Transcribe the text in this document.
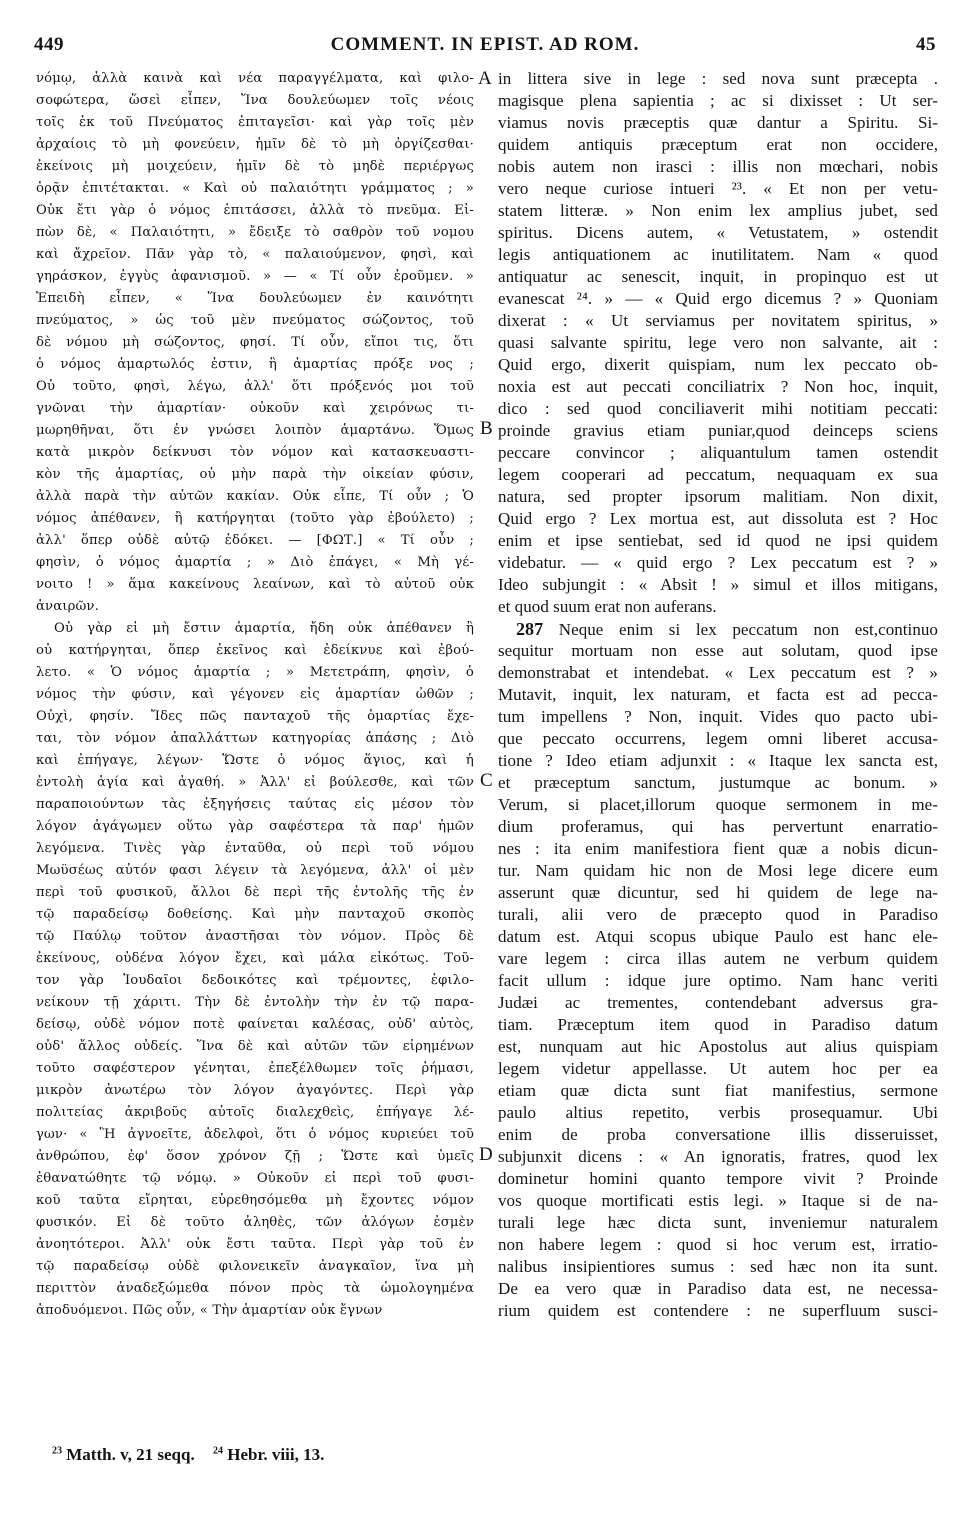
449	COMMENT. IN EPIST. AD ROM.	45
νόμῳ, ἀλλὰ καινὰ καὶ νέα παραγγέλματα, καὶ φιλο-
σοφώτερα, ὥσεὶ εἶπεν, Ἵνα δουλεύωμεν τοῖς νέοις
τοῖς ἐκ τοῦ Πνεύματος ἐπιταγεῖσι· καὶ γὰρ τοῖς μὲν
ἀρχαίοις τὸ μὴ φονεύειν, ἡμῖν δὲ τὸ μὴ ὀργίζεσθαι·
ἐκείνοις μὴ μοιχεύειν, ἡμῖν δὲ τὸ μηδὲ περιέργως
ὁρᾷν ἐπιτέτακται. « Καὶ οὐ παλαιότητι γράμματος ; »
Οὐκ ἔτι γὰρ ὁ νόμος ἐπιτάσσει, ἀλλὰ τὸ πνεῦμα. Εἰ-
πὼν δὲ, « Παλαιότητι, » ἔδειξε τὸ σαθρὸν τοῦ νομου
καὶ ἄχρεῖον. Πᾶν γὰρ τὸ, « παλαιούμενον, φησὶ, καὶ
γηράσκον, ἐγγὺς ἀφανισμοῦ. » — « Τί οὖν ἐροῦμεν. »
Ἐπειδὴ εἶπεν, « Ἵνα δουλεύωμεν ἐν καινότητι
πνεύματος, » ὡς τοῦ μὲν πνεύματος σώζοντος, τοῦ
δὲ νόμου μὴ σώζοντος, φησί. Τί οὖν, εἴποι τις, ὅτι
ὁ νόμος ἁμαρτωλός ἐστιν, ἢ ἁμαρτίας πρόξε νος ;
Οὐ τοῦτο, φησὶ, λέγω, ἀλλ' ὅτι πρόξενός μοι τοῦ
γνῶναι τὴν ἁμαρτίαν· οὐκοῦν καὶ χειρόνως τι-
μωρηθῆναι, ὅτι ἐν γνώσει λοιπὸν ἁμαρτάνω. Ὅμως
κατὰ μικρὸν δείκνυσι τὸν νόμον καὶ κατασκευαστι-
κὸν τῆς ἁμαρτίας, οὐ μὴν παρὰ τὴν οἰκείαν φύσιν,
ἀλλὰ παρὰ τὴν αὐτῶν κακίαν. Οὐκ εἶπε, Τί οὖν ; Ὁ
νόμος ἀπέθανεν, ἢ κατήργηται (τοῦτο γὰρ ἐβούλετο) ;
ἀλλ' ὅπερ οὐδὲ αὐτῷ ἐδόκει. — [ΦΩΤ.] « Τί οὖν ;
φησὶν, ὁ νόμος ἁμαρτία ; » Διὸ ἐπάγει, « Μὴ γέ-
νοιτο ! » ἅμα κακείνους λεαίνων, καὶ τὸ αὐτοῦ οὐκ
ἀναιρῶν.
Οὐ γὰρ εἰ μὴ ἔστιν ἁμαρτία, ἤδη οὐκ ἀπέθανεν ἢ
οὐ κατήργηται, ὅπερ ἐκεῖνος καὶ ἐδείκνυε καὶ ἐβού-
λετο. « Ὁ νόμος ἁμαρτία ; » Μετετράπη, φησὶν, ὁ
νόμος τὴν φύσιν, καὶ γέγονεν εἰς ἁμαρτίαν ὠθῶν ;
Οὐχὶ, φησίν. Ἴδες πῶς πανταχοῦ τῆς ὁμαρτίας ἔχε-
ται, τὸν νόμον ἀπαλλάττων κατηγορίας ἁπάσης ; Διὸ
καὶ ἐπήγαγε, λέγων· Ὥστε ὁ νόμος ἅγιος, καὶ ἡ
ἐντολὴ ἁγία καὶ ἀγαθή. » Ἀλλ' εἰ βούλεσθε, καὶ τῶν
παραποιούντων τὰς ἐξηγήσεις ταύτας εἰς μέσον τὸν
λόγον ἀγάγωμεν οὕτω γὰρ σαφέστερα τὰ παρ' ἡμῶν
λεγόμενα. Τινὲς γὰρ ἐνταῦθα, οὐ περὶ τοῦ νόμου
Μωϋσέως αὐτόν φασι λέγειν τὰ λεγόμενα, ἀλλ' οἱ μὲν
περὶ τοῦ φυσικοῦ, ἄλλοι δὲ περὶ τῆς ἐντολῆς τῆς ἐν
τῷ παραδείσῳ δοθείσης. Καὶ μὴν πανταχοῦ σκοπὸς
τῷ Παύλῳ τοῦτον ἀναστῆσαι τὸν νόμον. Πρὸς δὲ
ἐκείνους, οὐδένα λόγον ἔχει, καὶ μάλα εἰκότως. Τοῦ-
τον γὰρ Ἰουδαῖοι δεδοικότες καὶ τρέμοντες, ἐφιλο-
νείκουν τῇ χάριτι. Τὴν δὲ ἐντολὴν τὴν ἐν τῷ παρα-
δείσῳ, οὐδὲ νόμον ποτὲ φαίνεται καλέσας, οὐδ' αὐτὸς,
οὐδ' ἄλλος οὐδείς. Ἵνα δὲ καὶ αὐτῶν τῶν εἰρημένων
τοῦτο σαφέστερον γένηται, ἐπεξέλθωμεν τοῖς ῥήμασι,
μικρὸν ἀνωτέρω τὸν λόγον ἀγαγόντες. Περὶ γὰρ
πολιτείας ἀκριβοῦς αὐτοῖς διαλεχθεὶς, ἐπήγαγε λέ-
γων· « Ἢ ἀγνοεῖτε, ἀδελφοὶ, ὅτι ὁ νόμος κυριεύει τοῦ
ἀνθρώπου, ἐφ' ὅσον χρόνον ζῇ ; Ὥστε καὶ ὑμεῖς
ἐθανατώθητε τῷ νόμῳ. » Οὐκοῦν εἰ περὶ τοῦ φυσι-
κοῦ ταῦτα εἴρηται, εὑρεθησόμεθα μὴ ἔχοντες νόμον
φυσικόν. Εἰ δὲ τοῦτο ἀληθὲς, τῶν ἀλόγων ἐσμὲν
ἀνοητότεροι. Ἀλλ' οὐκ ἔστι ταῦτα. Περὶ γὰρ τοῦ ἐν
τῷ παραδείσῳ οὐδὲ φιλονεικεῖν ἀναγκαῖον, ἵνα μὴ
περιττὸν ἀναδεξώμεθα πόνον πρὸς τὰ ὡμολογημένα
ἀποδυόμενοι. Πῶς οὖν, « Τὴν ἁμαρτίαν οὐκ ἔγνων
in littera sive in lege : sed nova sunt præcepta .
magisque plena sapientia ; ac si dixisset : Ut ser-
viamus novis præceptis quæ dantur a Spiritu. Si-
quidem antiquis præceptum erat non occidere,
nobis autem non irasci : illis non mœchari, nobis
vero neque curiose intueri ²³. « Et non per vetu-
statem litteræ. » Non enim lex amplius jubet, sed
spiritus. Dicens autem, « Vetustatem, » ostendit
legis antiquationem ac inutilitatem. Nam « quod
antiquatur ac senescit, inquit, in propinquo est ut
evanescat ²⁴. » — « Quid ergo dicemus ? » Quoniam
dixerat : « Ut serviamus per novitatem spiritus, »
quasi salvante spiritu, lege vero non salvante, ait :
Quid ergo, dixerit quispiam, num lex peccato ob-
noxia est aut peccati conciliatrix ? Non hoc, inquit,
dico : sed quod conciliaverit mihi notitiam peccati:
proinde gravius etiam puniar,quod deinceps sciens
peccare convincor ; aliquantulum tamen ostendit
legem cooperari ad peccatum, nequaquam ex sua
natura, sed propter ipsorum malitiam. Non dixit,
Quid ergo ? Lex mortua est, aut dissoluta est ? Hoc
enim et ipse sentiebat, sed id quod ne ipsi quidem
videbatur. — « quid ergo ? Lex peccatum est ? »
Ideo subjungit : « Absit ! » simul et illos mitigans,
et quod suum erat non auferans.
287 Neque enim si lex peccatum non est,continuo
sequitur mortuam non esse aut solutam, quod ipse
demonstrabat et intendebat. « Lex peccatum est ? »
Mutavit, inquit, lex naturam, et facta est ad pecca-
tum impellens ? Non, inquit. Vides quo pacto ubi-
que peccato occurrens, legem omni liberet accusa-
tione ? Ideo etiam adjunxit : « Itaque lex sancta est,
et præceptum sanctum, justumque ac bonum. »
Verum, si placet,illorum quoque sermonem in me-
dium proferamus, qui has pervertunt enarratio-
nes : ita enim manifestiora fient quæ a nobis dicun-
tur. Nam quidam hic non de Mosi lege dicere eum
asserunt quæ dicuntur, sed hi quidem de lege na-
turali, alii vero de præcepto quod in Paradiso
datum est. Atqui scopus ubique Paulo est hanc ele-
vare legem : circa illas autem ne verbum quidem
facit ullum : idque jure optimo. Nam hanc veriti
Judæi ac trementes, contendebant adversus gra-
tiam. Præceptum item quod in Paradiso datum
est, nunquam aut hic Apostolus aut alius quispiam
legem videtur appellasse. Ut autem hoc per ea
etiam quæ dicta sunt fiat manifestius, sermone
paulo altius repetito, verbis prosequamur. Ubi
enim de proba conversatione illis disseruisset,
subjunxit dicens : « An ignoratis, fratres, quod lex
dominetur homini quanto tempore vivit ? Proinde
vos quoque mortificati estis legi. » Itaque si de na-
turali lege hæc dicta sunt, inveniemur naturalem
non habere legem : quod si hoc verum est, irratio-
nalibus insipientiores sumus : sed hæc non ita sunt.
De ea vero quæ in Paradiso data est, ne necessa-
rium quidem est contendere : ne superfluum susci-
A
B
C
D
$^{23}$ Matth. v, 21 seqq. $^{24}$ Hebr. viii, 13.
